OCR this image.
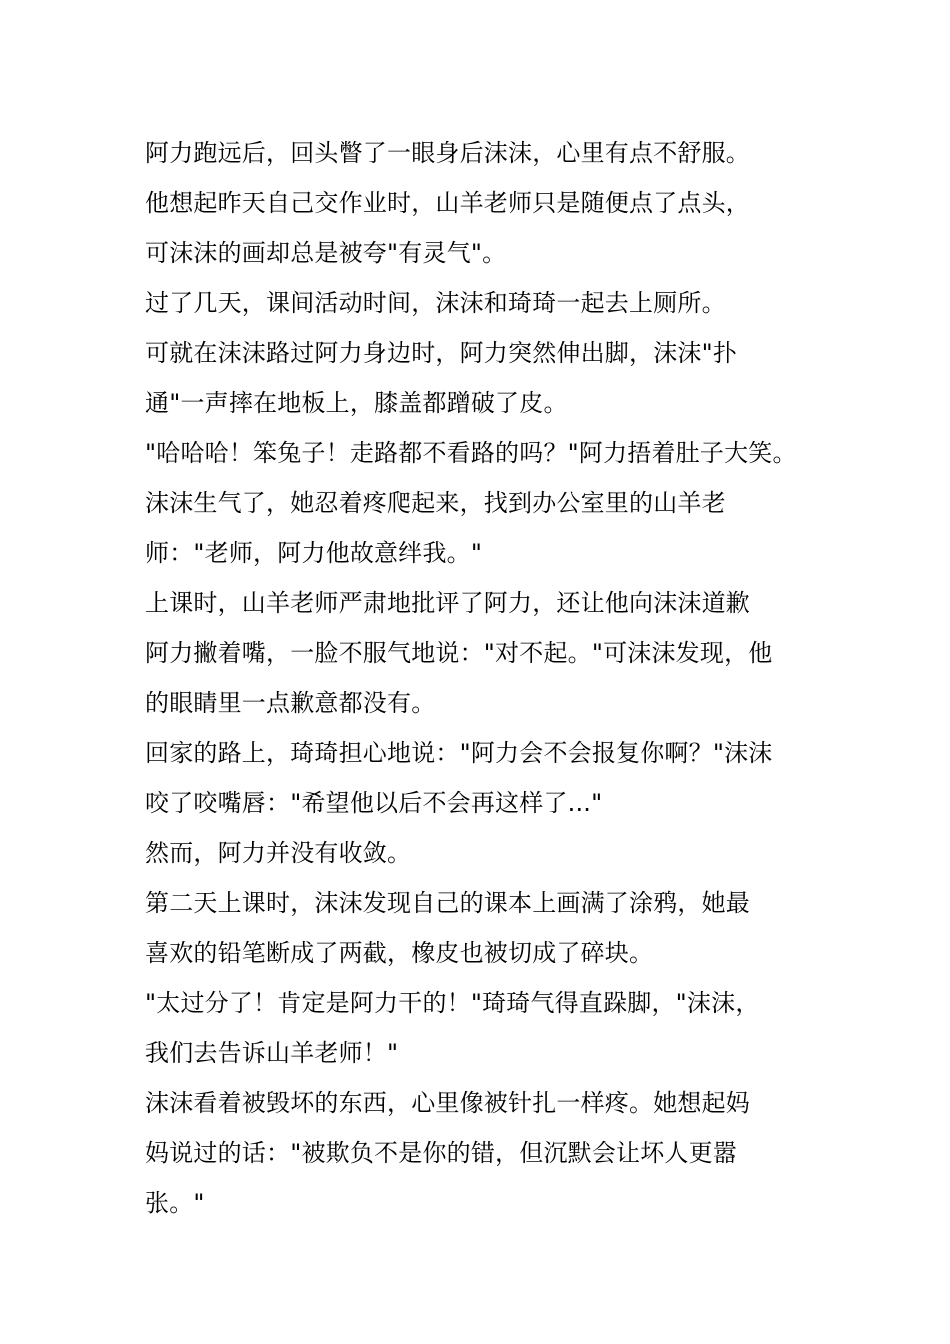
阿力跑远后，回头瞥了一眼身后沫沫，心里有点不舒服。
他想起昨天自己交作业时，山羊老师只是随便点了点头，
可沫沫的画却总是被夸"有灵气"。
过了几天，课间活动时间，沫沫和琦琦一起去上厕所。
可就在沫沫路过阿力身边时，阿力突然伸出脚，沫沫"扑
通"一声摔在地板上，膝盖都蹭破了皮。
"哈哈哈！笨兔子！走路都不看路的吗？"阿力捂着肚子大笑。
沫沫生气了，她忍着疼爬起来，找到办公室里的山羊老
师："老师，阿力他故意绊我。"
上课时，山羊老师严肃地批评了阿力，还让他向沫沫道歉
阿力撇着嘴，一脸不服气地说："对不起。"可沫沫发现，他
的眼睛里一点歉意都没有。
回家的路上，琦琦担心地说："阿力会不会报复你啊？"沫沫
咬了咬嘴唇："希望他以后不会再这样了..."
然而，阿力并没有收敛。
第二天上课时，沫沫发现自己的课本上画满了涂鸦，她最
喜欢的铅笔断成了两截，橡皮也被切成了碎块。
"太过分了！肯定是阿力干的！"琦琦气得直跺脚，"沫沫，
我们去告诉山羊老师！"
沫沫看着被毁坏的东西，心里像被针扎一样疼。她想起妈
妈说过的话："被欺负不是你的错，但沉默会让坏人更嚣
张。"
